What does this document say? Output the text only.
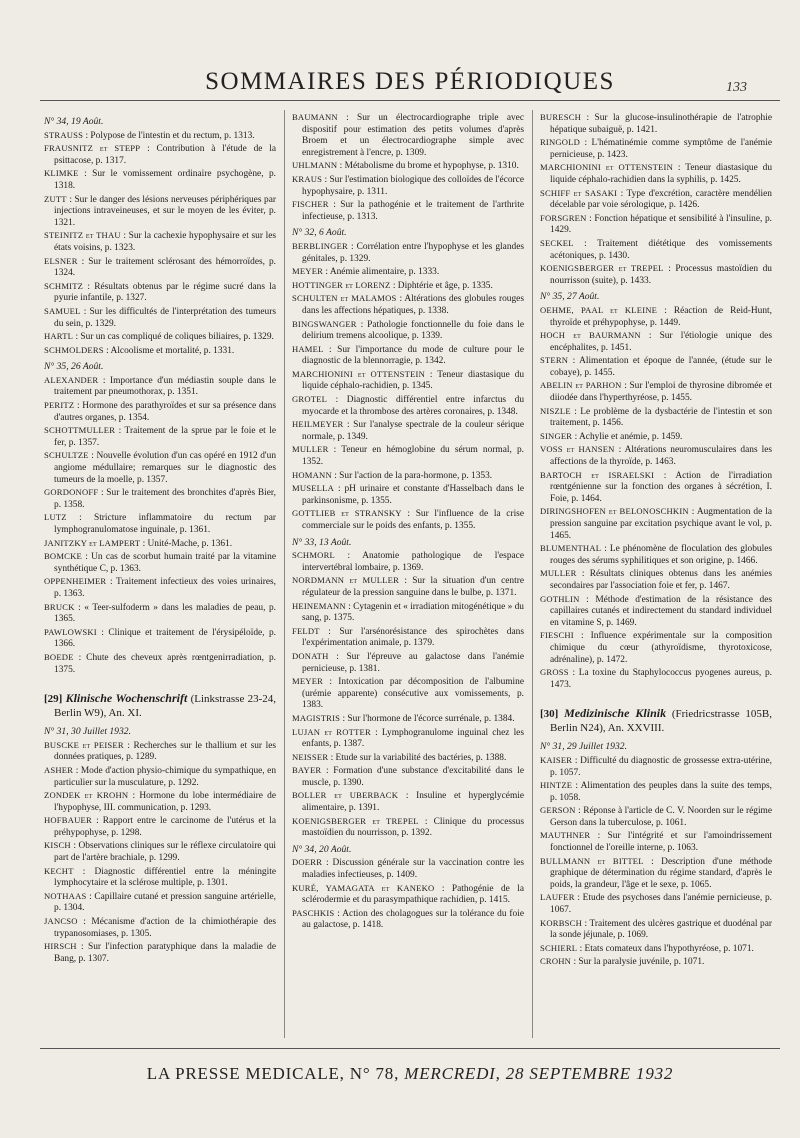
SOMMAIRES DES PÉRIODIQUES	133
N° 34, 19 Août.
STRAUSS : Polypose de l'intestin et du rectum, p. 1313.
FRAUSNITZ et STEPP : Contribution à l'étude de la psittacose, p. 1317.
KLIMKE : Sur le vomissement ordinaire psychogène, p. 1318.
ZUTT : Sur le danger des lésions nerveuses périphériques par injections intraveineuses, et sur le moyen de les éviter, p. 1321.
STEINITZ et THAU : Sur la cachexie hypophysaire et sur les états voisins, p. 1323.
ELSNER : Sur le traitement sclérosant des hémorroïdes, p. 1324.
SCHMITZ : Résultats obtenus par le régime sucré dans la pyurie infantile, p. 1327.
SAMUEL : Sur les difficultés de l'interprétation des tumeurs du sein, p. 1329.
HARTL : Sur un cas compliqué de coliques biliaires, p. 1329.
SCHMOLDERS : Alcoolisme et mortalité, p. 1331.
N° 35, 26 Août.
ALEXANDER : Importance d'un médiastin souple dans le traitement par pneumothorax, p. 1351.
PERITZ : Hormone des parathyroïdes et sur sa présence dans d'autres organes, p. 1354.
SCHOTTMULLER : Traitement de la sprue par le foie et le fer, p. 1357.
SCHULTZE : Nouvelle évolution d'un cas opéré en 1912 d'un angiome médullaire; remarques sur le diagnostic des tumeurs de la moelle, p. 1357.
GORDONOFF : Sur le traitement des bronchites d'après Bier, p. 1358.
LUTZ : Stricture inflammatoire du rectum par lymphogranulomatose inguinale, p. 1361.
JANITZKY et LAMPERT : Unité-Mache, p. 1361.
BOMCKE : Un cas de scorbut humain traité par la vitamine synthétique C, p. 1363.
OPPENHEIMER : Traitement infectieux des voies urinaires, p. 1363.
BRUCK : « Teer-sulfoderm » dans les maladies de peau, p. 1365.
PAWLOWSKI : Clinique et traitement de l'érysipéloïde, p. 1366.
BOEDE : Chute des cheveux après rœntgenirradiation, p. 1375.
[29] Klinische Wochenschrift (Linkstrasse 23-24, Berlin W9), An. XI.
N° 31, 30 Juillet 1932.
BUSCKE et PEISER : Recherches sur le thallium et sur les données pratiques, p. 1289.
ASHER : Mode d'action physio-chimique du sympathique, en particulier sur la musculature, p. 1292.
ZONDEK et KROHN : Hormone du lobe intermédiaire de l'hypophyse, III. communication, p. 1293.
HOFBAUER : Rapport entre le carcinome de l'utérus et la préhypophyse, p. 1298.
KISCH : Observations cliniques sur le réflexe circulatoire qui part de l'artère brachiale, p. 1299.
KECHT : Diagnostic différentiel entre la méningite lymphocytaire et la sclérose multiple, p. 1301.
NOTHAAS : Capillaire cutané et pression sanguine artérielle, p. 1304.
JANCSO : Mécanisme d'action de la chimiothérapie des trypanosomiases, p. 1305.
HIRSCH : Sur l'infection paratyphique dans la maladie de Bang, p. 1307.
BAUMANN : Sur un électrocardiographe triple avec dispositif pour estimation des petits volumes d'après Broem et un électrocardiographe simple avec enregistrement à l'encre, p. 1309.
UHLMANN : Métabolisme du brome et hypophyse, p. 1310.
KRAUS : Sur l'estimation biologique des colloïdes de l'écorce hypophysaire, p. 1311.
FISCHER : Sur la pathogénie et le traitement de l'arthrite infectieuse, p. 1313.
N° 32, 6 Août.
BERBLINGER : Corrélation entre l'hypophyse et les glandes génitales, p. 1329.
MEYER : Anémie alimentaire, p. 1333.
HOTTINGER et LORENZ : Diphtérie et âge, p. 1335.
SCHULTEN et MALAMOS : Altérations des globules rouges dans les affections hépatiques, p. 1338.
BINGSWANGER : Pathologie fonctionnelle du foie dans le delirium tremens alcoolique, p. 1339.
HAMEL : Sur l'importance du mode de culture pour le diagnostic de la blennorragie, p. 1342.
MARCHIONINI et OTTENSTEIN : Teneur diastasique du liquide céphalo-rachidien, p. 1345.
GROTEL : Diagnostic différentiel entre infarctus du myocarde et la thrombose des artères coronaires, p. 1348.
HEILMEYER : Sur l'analyse spectrale de la couleur sérique normale, p. 1349.
MULLER : Teneur en hémoglobine du sérum normal, p. 1352.
HOMANN : Sur l'action de la para-hormone, p. 1353.
MUSELLA : pH urinaire et constante d'Hasselbach dans le parkinsonisme, p. 1355.
GOTTLIEB et STRANSKY : Sur l'influence de la crise commerciale sur le poids des enfants, p. 1355.
N° 33, 13 Août.
SCHMORL : Anatomie pathologique de l'espace intervertébral lombaire, p. 1369.
NORDMANN et MULLER : Sur la situation d'un centre régulateur de la pression sanguine dans le bulbe, p. 1371.
HEINEMANN : Cytagenin et « irradiation mitogénétique » du sang, p. 1375.
FELDT : Sur l'arsénorésistance des spirochètes dans l'expérimentation animale, p. 1379.
DONATH : Sur l'épreuve au galactose dans l'anémie pernicieuse, p. 1381.
MEYER : Intoxication par décomposition de l'albumine (urémie apparente) consécutive aux vomissements, p. 1383.
MAGISTRIS : Sur l'hormone de l'écorce surrénale, p. 1384.
LUJAN et ROTTER : Lymphogranulome inguinal chez les enfants, p. 1387.
NEISSER : Etude sur la variabilité des bactéries, p. 1388.
BAYER : Formation d'une substance d'excitabilité dans le muscle, p. 1390.
BOLLER et UBERBACK : Insuline et hyperglycémie alimentaire, p. 1391.
KOENIGSBERGER et TREPEL : Clinique du processus mastoïdien du nourrisson, p. 1392.
N° 34, 20 Août.
DOERR : Discussion générale sur la vaccination contre les maladies infectieuses, p. 1409.
KURÉ, YAMAGATA et KANEKO : Pathogénie de la sclérodermie et du parasympathique rachidien, p. 1415.
PASCHKIS : Action des cholagogues sur la tolérance du foie au galactose, p. 1418.
BURESCH : Sur la glucose-insulinothérapie de l'atrophie hépatique subaiguë, p. 1421.
RINGOLD : L'hématinémie comme symptôme de l'anémie pernicieuse, p. 1423.
MARCHIONINI et OTTENSTEIN : Teneur diastasique du liquide céphalo-rachidien dans la syphilis, p. 1425.
SCHIFF et SASAKI : Type d'excrétion, caractère mendélien décelable par voie sérologique, p. 1426.
FORSGREN : Fonction hépatique et sensibilité à l'insuline, p. 1429.
SECKEL : Traitement diététique des vomissements acétoniques, p. 1430.
KOENIGSBERGER et TREPEL : Processus mastoïdien du nourrisson (suite), p. 1433.
N° 35, 27 Août.
OEHME, PAAL et KLEINE : Réaction de Reid-Hunt, thyroïde et préhypophyse, p. 1449.
HOCH et BAURMANN : Sur l'étiologie unique des encéphalites, p. 1451.
STERN : Alimentation et époque de l'année, (étude sur le cobaye), p. 1455.
ABELIN et PARHON : Sur l'emploi de thyrosine dibromée et diiodée dans l'hyperthyréose, p. 1455.
NISZLE : Le problème de la dysbactérie de l'intestin et son traitement, p. 1456.
SINGER : Achylie et anémie, p. 1459.
VOSS et HANSEN : Altérations neuromusculaires dans les affections de la thyroïde, p. 1463.
BARTOCH et ISRAELSKI : Action de l'irradiation rœntgénienne sur la fonction des organes à sécrétion, I. Foie, p. 1464.
DIRINGSHOFEN et BELONOSCHKIN : Augmentation de la pression sanguine par excitation psychique avant le vol, p. 1465.
BLUMENTHAL : Le phénomène de floculation des globules rouges des sérums syphilitiques et son origine, p. 1466.
MULLER : Résultats cliniques obtenus dans les anémies secondaires par l'association foie et fer, p. 1467.
GOTHLIN : Méthode d'estimation de la résistance des capillaires cutanés et indirectement du standard individuel en vitamine S, p. 1469.
FIESCHI : Influence expérimentale sur la composition chimique du cœur (athyroïdisme, thyrotoxicose, adrénaline), p. 1472.
GROSS : La toxine du Staphylococcus pyogenes aureus, p. 1473.
[30] Medizinische Klinik (Friedricstrasse 105B, Berlin N24), An. XXVIII.
N° 31, 29 Juillet 1932.
KAISER : Difficulté du diagnostic de grossesse extra-utérine, p. 1057.
HINTZE : Alimentation des peuples dans la suite des temps, p. 1058.
GERSON : Réponse à l'article de C. V. Noorden sur le régime Gerson dans la tuberculose, p. 1061.
MAUTHNER : Sur l'intégrité et sur l'amoindrissement fonctionnel de l'oreille interne, p. 1063.
BULLMANN et BITTEL : Description d'une méthode graphique de détermination du régime standard, d'après le poids, la grandeur, l'âge et le sexe, p. 1065.
LAUFER : Etude des psychoses dans l'anémie pernicieuse, p. 1067.
KORBSCH : Traitement des ulcères gastrique et duodénal par la sonde jéjunale, p. 1069.
SCHIERL : Etats comateux dans l'hypothyréose, p. 1071.
CROHN : Sur la paralysie juvénile, p. 1071.
LA PRESSE MEDICALE, N° 78, MERCREDI, 28 SEPTEMBRE 1932
